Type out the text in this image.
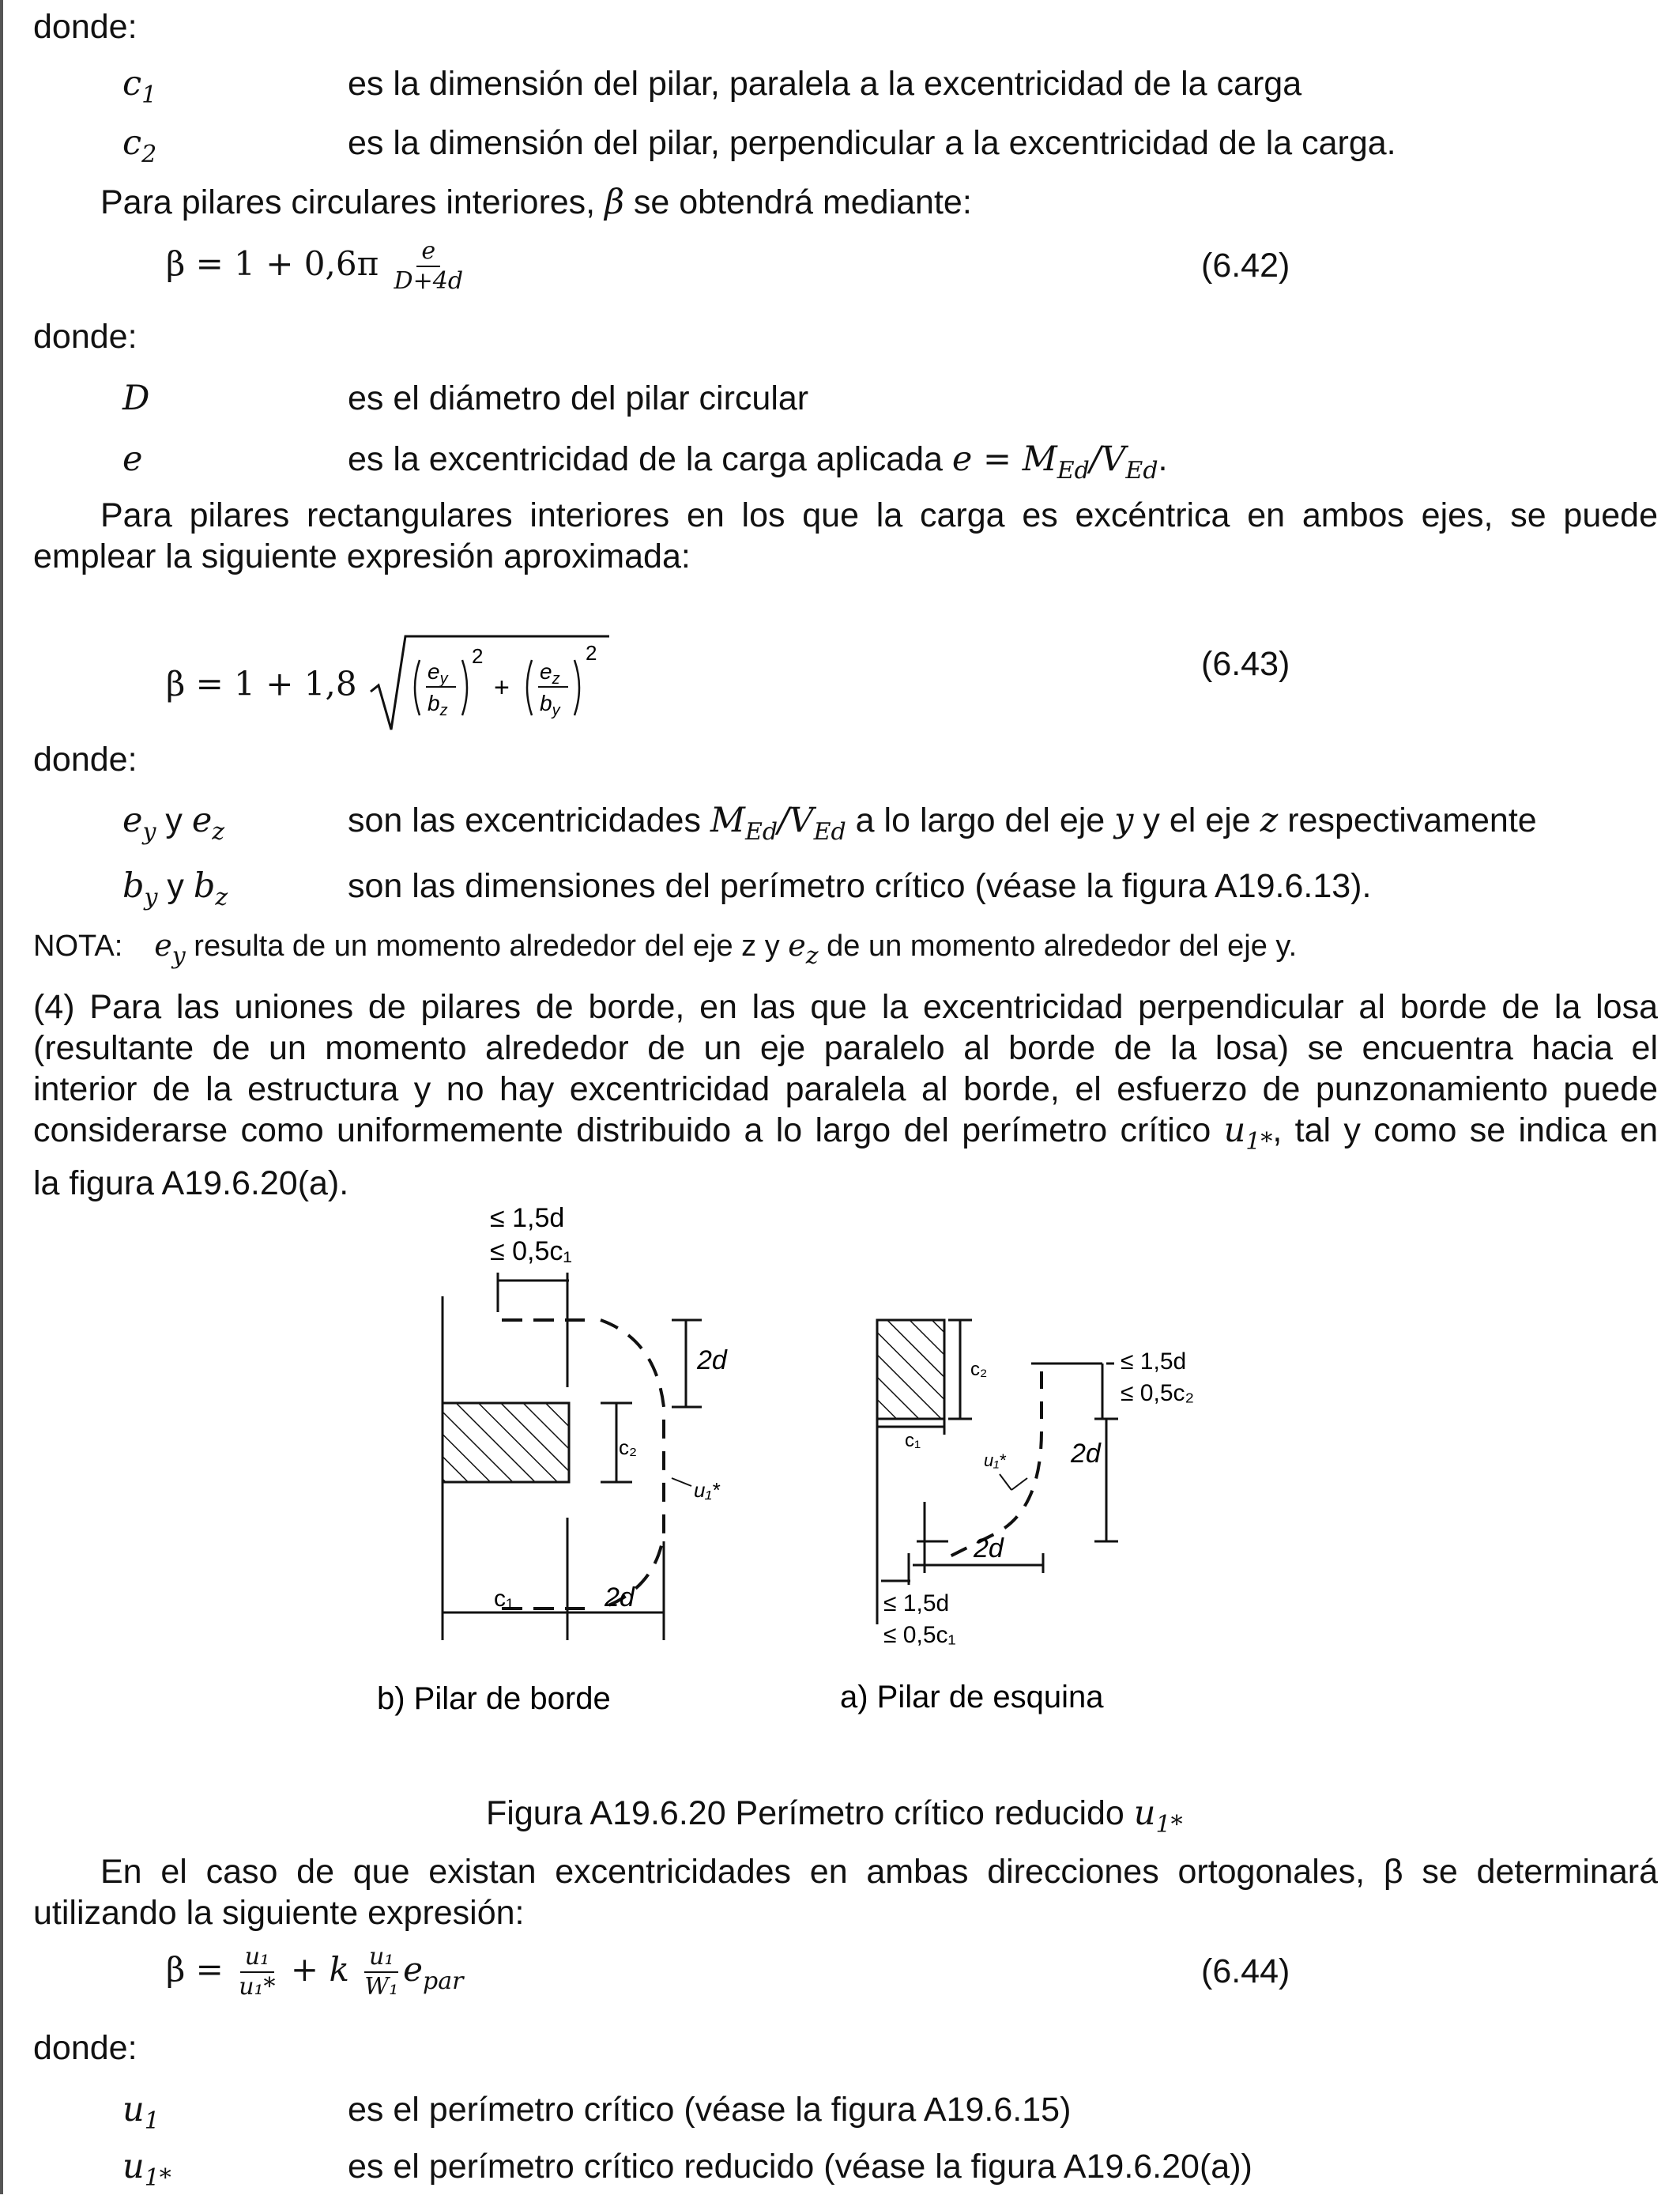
donde:
$c_1$	es la dimensión del pilar, paralela a la excentricidad de la carga
$c_2$	es la dimensión del pilar, perpendicular a la excentricidad de la carga.
Para pilares circulares interiores, β se obtendrá mediante:
$\beta = 1 + 0,6\pi \frac{e}{D+4d}$	(6.42)
donde:
D	es el diámetro del pilar circular
e	es la excentricidad de la carga aplicada $e = M_{Ed}/V_{Ed}$.
Para pilares rectangulares interiores en los que la carga es excéntrica en ambos ejes, se puede
emplear la siguiente expresión aproximada:
β = 1 + 1,8	$e_y$
$b_z$
2
+
$e_z$
$b_y$
2	(6.43)
donde:
$e_y$ y $e_z$	son las excentricidades $M_{Ed}/V_{Ed}$ a lo largo del eje y y el eje z respectivamente
$b_y$ y $b_z$	son las dimensiones del perímetro crítico (véase la figura A19.6.13).
NOTA: $e_y$ resulta de un momento alrededor del eje z y $e_z$ de un momento alrededor del eje y.
(4) Para las uniones de pilares de borde, en las que la excentricidad perpendicular al borde de la losa
(resultante de un momento alrededor de un eje paralelo al borde de la losa) se encuentra hacia el
interior de la estructura y no hay excentricidad paralela al borde, el esfuerzo de punzonamiento puede
considerarse como uniformemente distribuido a lo largo del perímetro crítico $u_{1*}$, tal y como se indica en
la figura A19.6.20(a).
≤ 1,5d
≤ 0,5c₁
2d
c₂
u₁*
c₁	2d
c₂	≤ 1,5d
≤ 0,5c₂
c₁
u₁* 2d
2d
≤ 1,5d
≤ 0,5c₁
b) Pilar de borde	a) Pilar de esquina
Figura A19.6.20 Perímetro crítico reducido $u_{1*}$
En el caso de que existan excentricidades en ambas direcciones ortogonales, β se determinará
utilizando la siguiente expresión:
$\beta = \frac{\text{u₁}}{\text{u₁*}} + k \frac{\text{u₁}}{\text{W₁}} e_{par}$	(6.44)
donde:
$u_1$	es el perímetro crítico (véase la figura A19.6.15)
$u_{1*}$	es el perímetro crítico reducido (véase la figura A19.6.20(a))
